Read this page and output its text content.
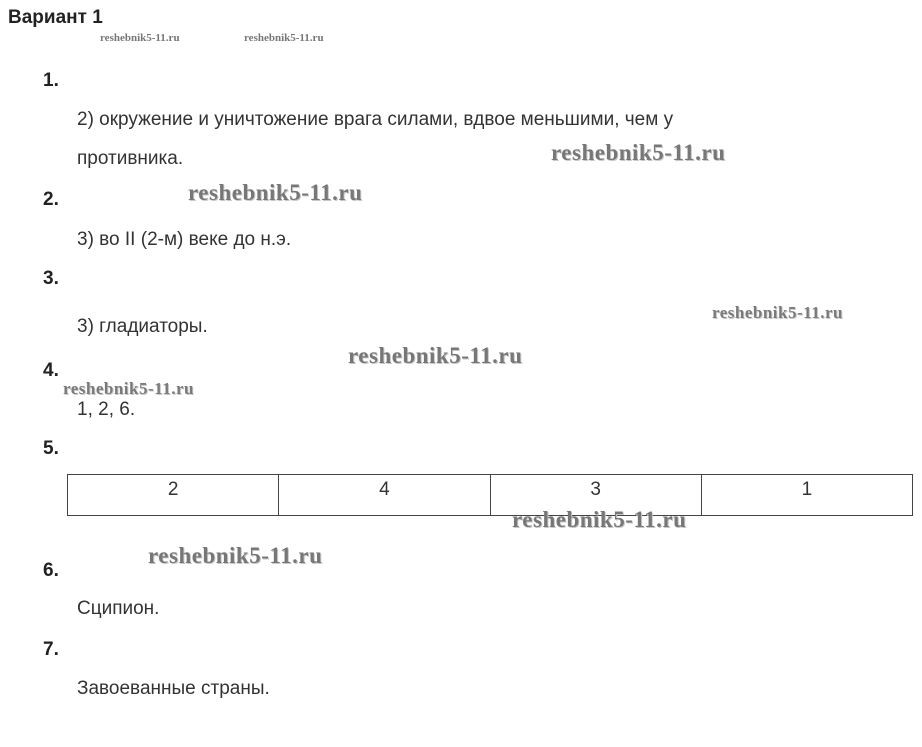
Вариант 1
reshebnik5-11.ru	reshebnik5-11.ru
1.
2) окружение и уничтожение врага силами, вдвое меньшими, чем у
противника.	reshebnik5-11.ru
2.	reshebnik5-11.ru
3) во II (2-м) веке до н.э.
3.
reshebnik5-11.ru
3) гладиаторы.
reshebnik5-11.ru
4.
reshebnik5-11.ru
1, 2, 6.
5.
2	4	3	1
reshebnik5-11.ru
reshebnik5-11.ru
6.
Сципион.
7.
Завоеванные страны.
